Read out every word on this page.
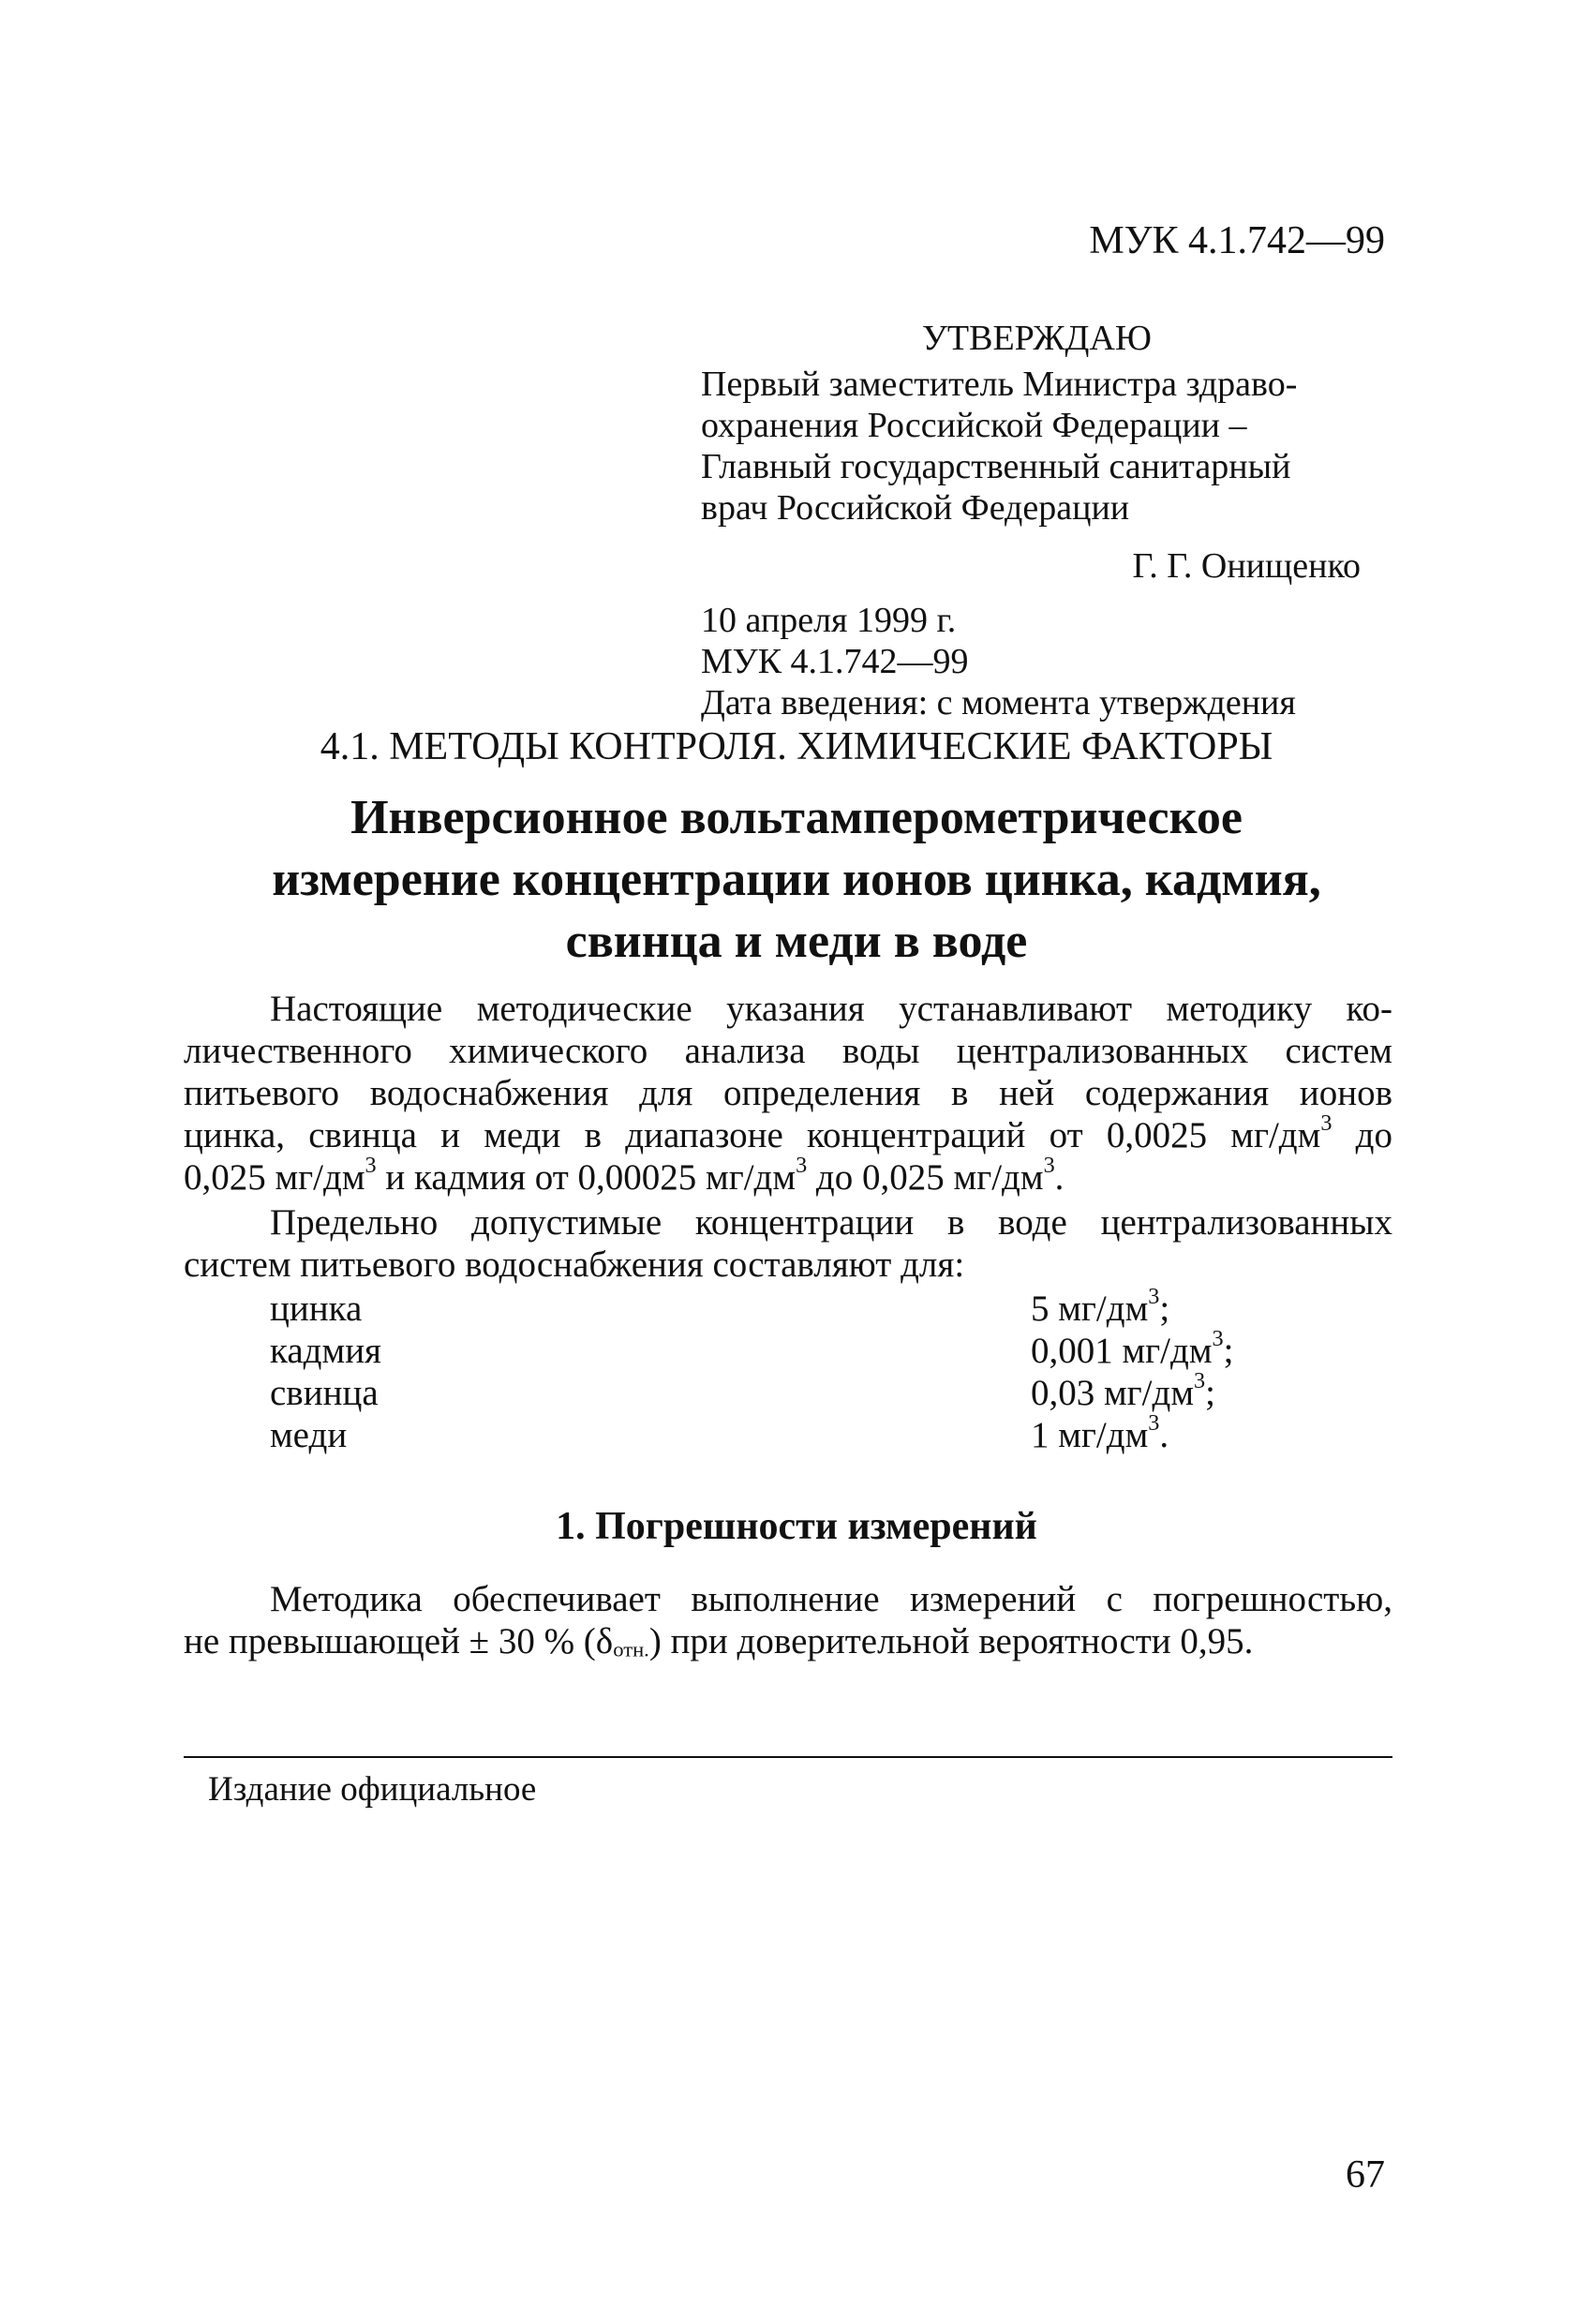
МУК 4.1.742—99
УТВЕРЖДАЮ
Первый заместитель Министра здраво-
охранения Российской Федерации –
Главный государственный санитарный
врач Российской Федерации
Г. Г. Онищенко
10 апреля 1999 г.
МУК 4.1.742—99
Дата введения: с момента утверждения
4.1. МЕТОДЫ КОНТРОЛЯ. ХИМИЧЕСКИЕ ФАКТОРЫ
Инверсионное вольтамперометрическое
измерение концентрации ионов цинка, кадмия,
свинца и меди в воде
Настоящие методические указания устанавливают методику ко-
личественного химического анализа воды централизованных систем
питьевого водоснабжения для определения в ней содержания ионов
цинка, свинца и меди в диапазоне концентраций от 0,0025 $мг/дм^3$ до
0,025 $мг/дм^3$ и кадмия от 0,00025 $мг/дм^3$ до 0,025 $мг/дм^3$.
Предельно допустимые концентрации в воде централизованных
систем питьевого водоснабжения составляют для:
цинка	5 $мг/дм^3$;
кадмия	0,001 $мг/дм^3$;
свинца	0,03 $мг/дм^3$;
меди	1 $мг/дм^3$.
1. Погрешности измерений
Методика обеспечивает выполнение измерений с погрешностью,
не превышающей ± 30 % $(\delta_{отн.})$ при доверительной вероятности 0,95.
Издание официальное
67
